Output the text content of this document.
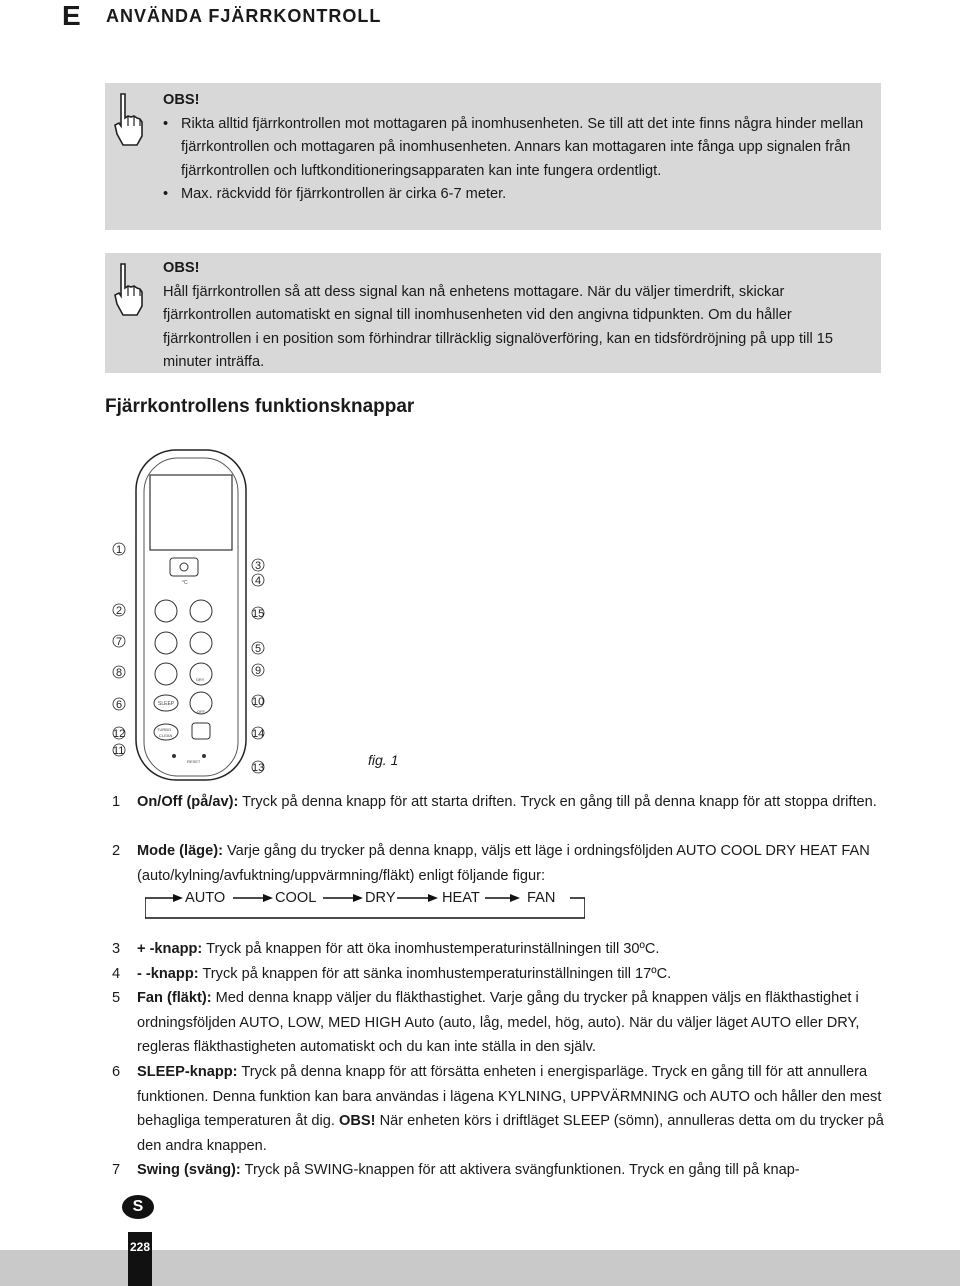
E ANVÄNDA FJÄRRKONTROLL
OBS!
• Rikta alltid fjärrkontrollen mot mottagaren på inomhusenheten. Se till att det inte finns några hinder mellan fjärrkontrollen och mottagaren på inomhusenheten. Annars kan mottagaren inte fånga upp signalen från fjärrkontrollen och luftkonditioneringsapparaten kan inte fungera ordentligt.
• Max. räckvidd för fjärrkontrollen är cirka 6-7 meter.
OBS!
Håll fjärrkontrollen så att dess signal kan nå enhetens mottagare. När du väljer timerdrift, skickar fjärrkontrollen automatiskt en signal till inomhusenheten vid den angivna tidpunkten. Om du håller fjärrkontrollen i en position som förhindrar tillräcklig signalöverföring, kan en tidsfördröjning på upp till 15 minuter inträffa.
Fjärrkontrollens funktionsknappar
°C
DRY
SLEEP
OFF
TURBO
CLEAN
RESET
1
2
7
8
6
12
11
3
4
15
5
9
10
14
13	fig. 1
1	On/Off (på/av): Tryck på denna knapp för att starta driften. Tryck en gång till på denna knapp för att stoppa driften.
2	Mode (läge): Varje gång du trycker på denna knapp, väljs ett läge i ordningsföljden AUTO COOL DRY HEAT FAN (auto/kylning/avfuktning/uppvärmning/fläkt) enligt följande figur:
AUTO	COOL	DRY	HEAT	FAN
3	+ -knapp: Tryck på knappen för att öka inomhustemperaturinställningen till 30ºC.
4	- -knapp: Tryck på knappen för att sänka inomhustemperaturinställningen till 17ºC.
5	Fan (fläkt): Med denna knapp väljer du fläkthastighet. Varje gång du trycker på knappen väljs en fläkthastighet i ordningsföljden AUTO, LOW, MED HIGH Auto (auto, låg, medel, hög, auto). När du väljer läget AUTO eller DRY, regleras fläkthastigheten automatiskt och du kan inte ställa in den själv.
6	SLEEP-knapp: Tryck på denna knapp för att försätta enheten i energisparläge. Tryck en gång till för att annullera funktionen. Denna funktion kan bara användas i lägena KYLNING, UPPVÄRMNING och AUTO och håller den mest behagliga temperaturen åt dig. OBS! När enheten körs i driftläget SLEEP (sömn), annulleras detta om du trycker på den andra knappen.
7	Swing (sväng): Tryck på SWING-knappen för att aktivera svängfunktionen. Tryck en gång till på knap-
S
228
